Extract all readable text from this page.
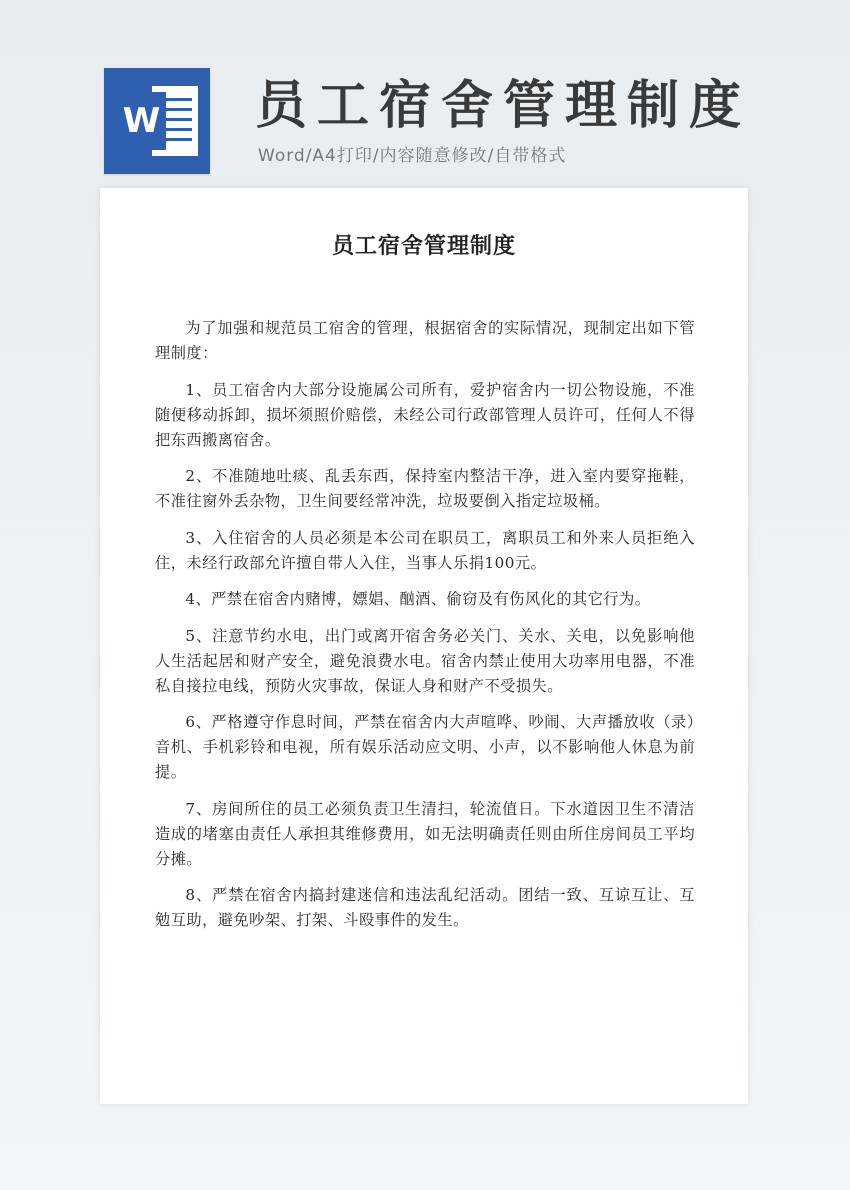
W 员工宿舍管理制度
Word/A4打印/内容随意修改/自带格式
员工宿舍管理制度

为了加强和规范员工宿舍的管理，根据宿舍的实际情况，现制定出如下管理制度：

1、员工宿舍内大部分设施属公司所有，爱护宿舍内一切公物设施，不准随便移动拆卸，损坏须照价赔偿，未经公司行政部管理人员许可，任何人不得把东西搬离宿舍。

2、不准随地吐痰、乱丢东西，保持室内整洁干净，进入室内要穿拖鞋，不准往窗外丢杂物，卫生间要经常冲洗，垃圾要倒入指定垃圾桶。

3、入住宿舍的人员必须是本公司在职员工，离职员工和外来人员拒绝入住，未经行政部允许擅自带人入住，当事人乐捐100元。

4、严禁在宿舍内赌博，嫖娼、酗酒、偷窃及有伤风化的其它行为。

5、注意节约水电，出门或离开宿舍务必关门、关水、关电，以免影响他人生活起居和财产安全，避免浪费水电。宿舍内禁止使用大功率用电器，不准私自接拉电线，预防火灾事故，保证人身和财产不受损失。

6、严格遵守作息时间，严禁在宿舍内大声喧哗、吵闹、大声播放收（录）音机、手机彩铃和电视，所有娱乐活动应文明、小声，以不影响他人休息为前提。

7、房间所住的员工必须负责卫生清扫，轮流值日。下水道因卫生不清洁造成的堵塞由责任人承担其维修费用，如无法明确责任则由所住房间员工平均分摊。

8、严禁在宿舍内搞封建迷信和违法乱纪活动。团结一致、互谅互让、互勉互助，避免吵架、打架、斗殴事件的发生。
